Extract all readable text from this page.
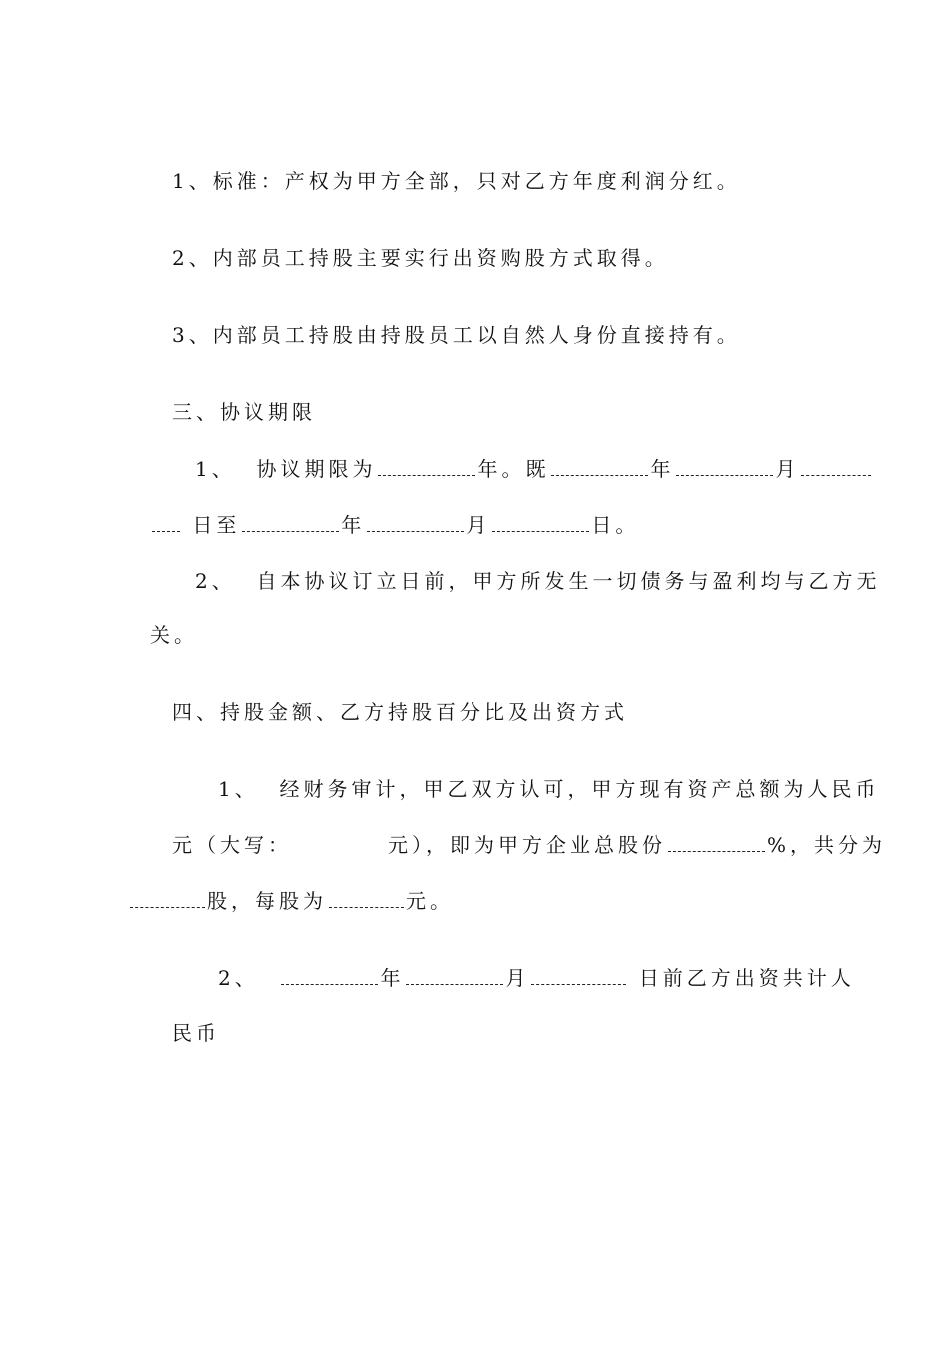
1、标准：产权为甲方全部，只对乙方年度利润分红。
2、内部员工持股主要实行出资购股方式取得。
3、内部员工持股由持股员工以自然人身份直接持有。
三、协议期限
1、 协议期限为	年。既	年	月
日至	年	月	日。
2、 自本协议订立日前，甲方所发生一切债务与盈利均与乙方无
关。
四、持股金额、乙方持股百分比及出资方式
1、 经财务审计，甲乙双方认可，甲方现有资产总额为人民币
元（大写：	元），即为甲方企业总股份	%，共分为
股，每股为	元。
2、	年	月	日前乙方出资共计人
民币
